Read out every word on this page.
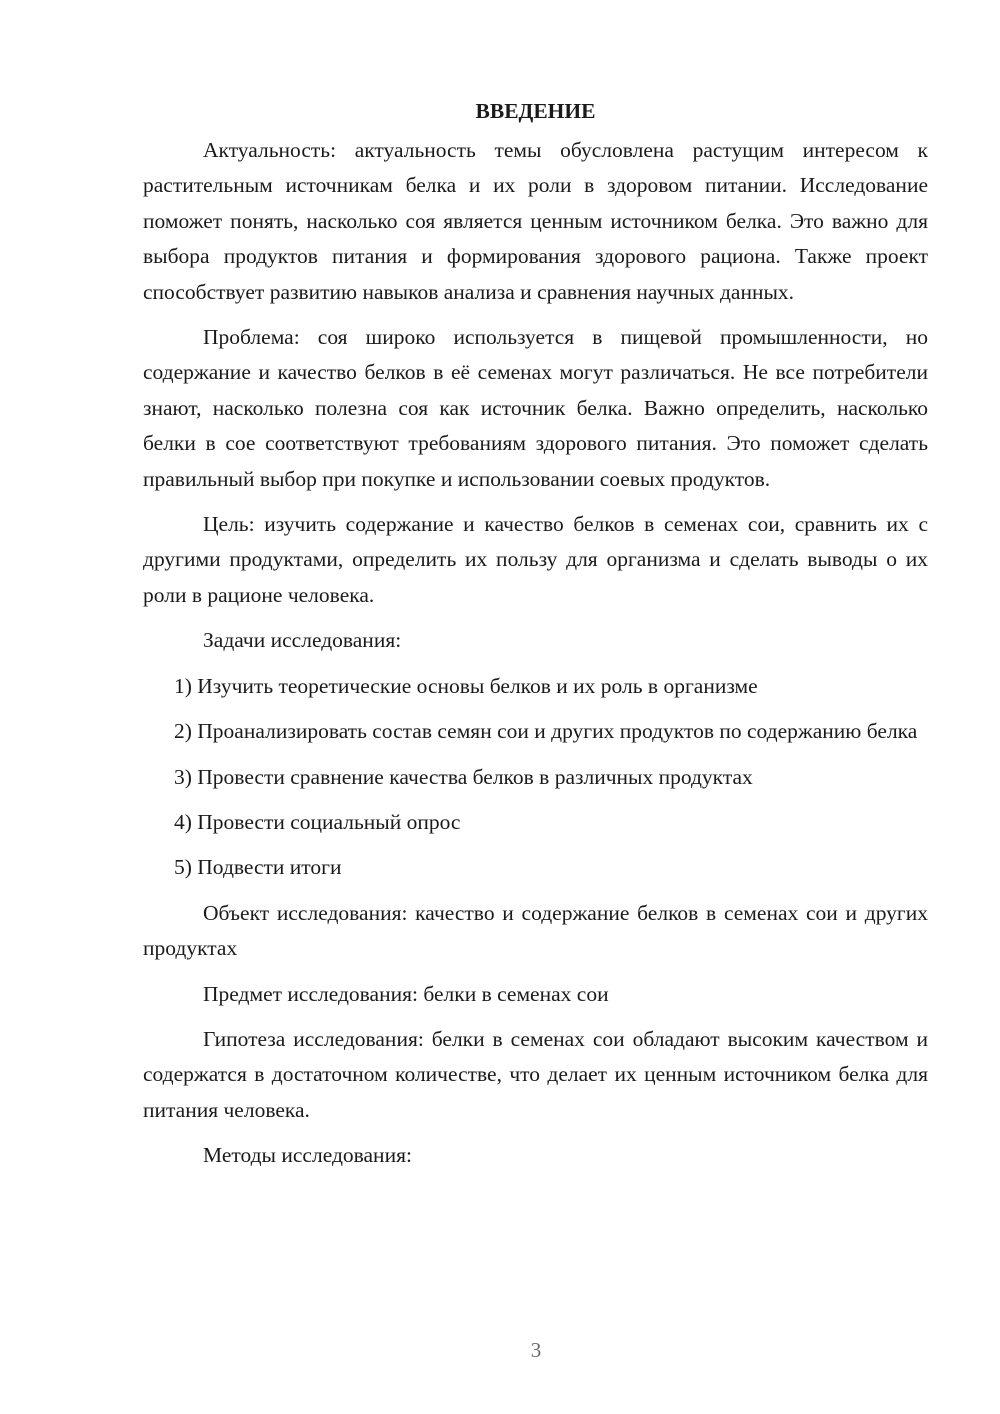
ВВЕДЕНИЕ

Актуальность: актуальность темы обусловлена растущим интересом к растительным источникам белка и их роли в здоровом питании. Исследование поможет понять, насколько соя является ценным источником белка. Это важно для выбора продуктов питания и формирования здорового рациона. Также проект способствует развитию навыков анализа и сравнения научных данных.

Проблема: соя широко используется в пищевой промышленности, но содержание и качество белков в её семенах могут различаться. Не все потребители знают, насколько полезна соя как источник белка. Важно определить, насколько белки в сое соответствуют требованиям здорового питания. Это поможет сделать правильный выбор при покупке и использовании соевых продуктов.

Цель: изучить содержание и качество белков в семенах сои, сравнить их с другими продуктами, определить их пользу для организма и сделать выводы о их роли в рационе человека.

Задачи исследования:

1) Изучить теоретические основы белков и их роль в организме

2) Проанализировать состав семян сои и других продуктов по содержанию белка

3) Провести сравнение качества белков в различных продуктах

4) Провести социальный опрос

5) Подвести итоги

Объект исследования: качество и содержание белков в семенах сои и других продуктах

Предмет исследования: белки в семенах сои

Гипотеза исследования: белки в семенах сои обладают высоким качеством и содержатся в достаточном количестве, что делает их ценным источником белка для питания человека.

Методы исследования:

3
